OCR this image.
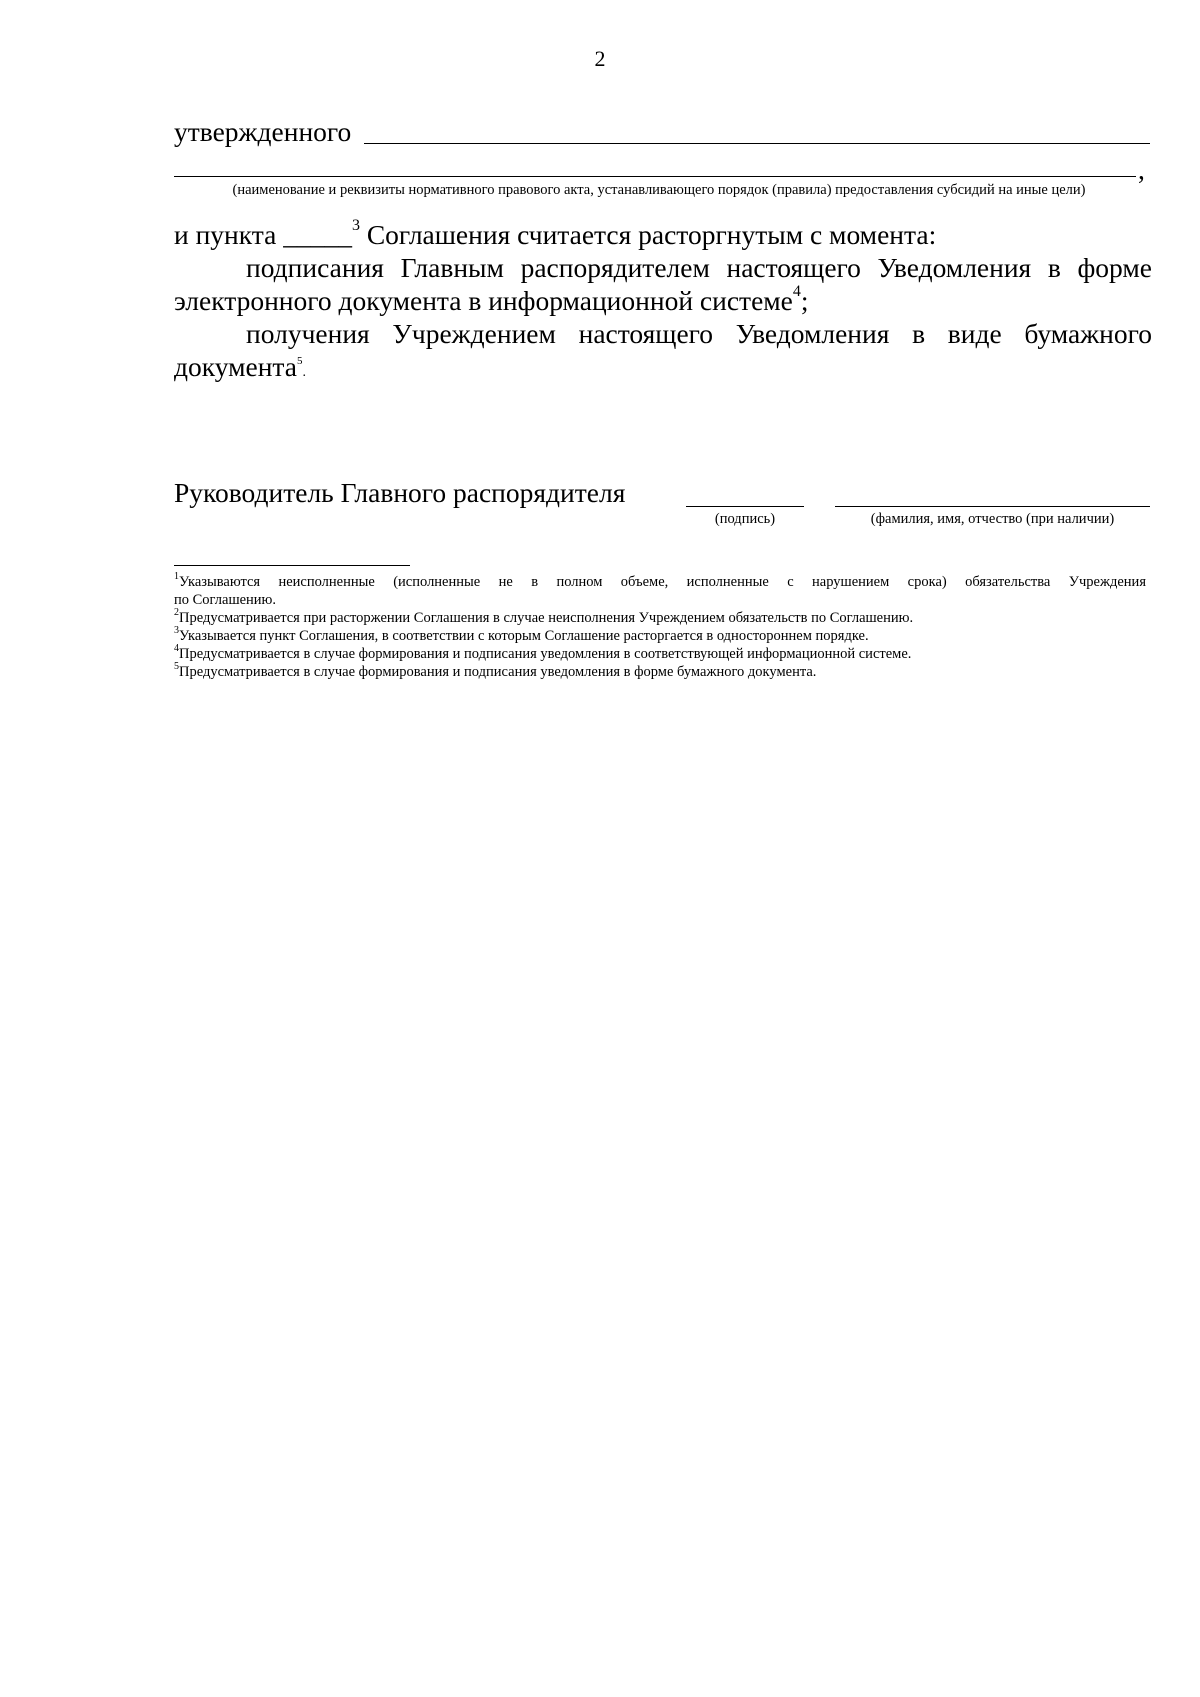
2
утвержденного
,
(наименование и реквизиты нормативного правового акта, устанавливающего порядок (правила) предоставления субсидий на иные цели)
и пункта _____$^3$ Соглашения считается расторгнутым с момента:
подписания Главным распорядителем настоящего Уведомления в форме
электронного документа в информационной системе$^4$;
получения Учреждением настоящего Уведомления в виде бумажного
документа$^5$.
Руководитель Главного распорядителя
(подпись)	(фамилия, имя, отчество (при наличии)
$^1$Указываются неисполненные (исполненные не в полном объеме, исполненные с нарушением срока) обязательства Учреждения
по Соглашению.
$^2$Предусматривается при расторжении Соглашения в случае неисполнения Учреждением обязательств по Соглашению.
$^3$Указывается пункт Соглашения, в соответствии с которым Соглашение расторгается в одностороннем порядке.
$^4$Предусматривается в случае формирования и подписания уведомления в соответствующей информационной системе.
$^5$Предусматривается в случае формирования и подписания уведомления в форме бумажного документа.
